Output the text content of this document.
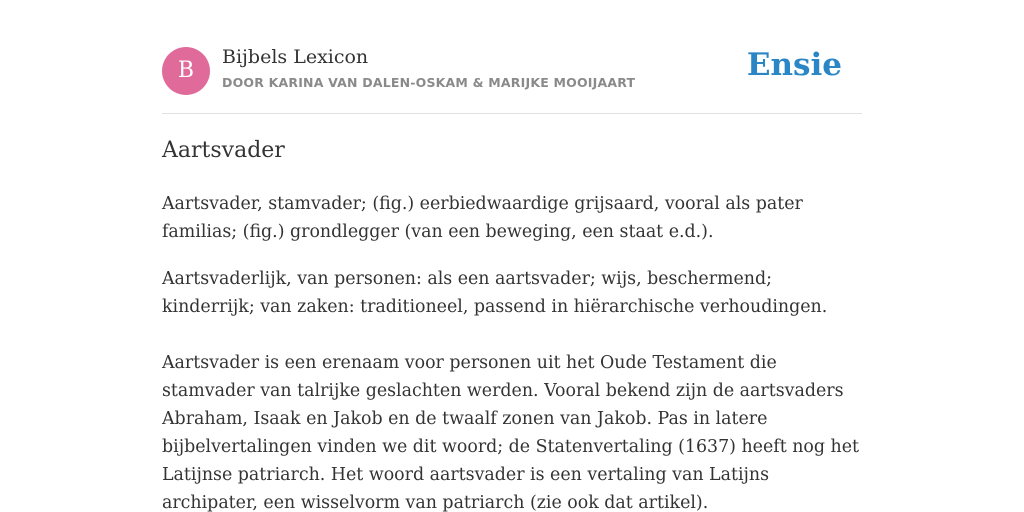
B
Bijbels Lexicon
DOOR KARINA VAN DALEN-OSKAM & MARIJKE MOOIJAART	Ensie
Aartsvader

Aartsvader, stamvader; (fig.) eerbiedwaardige grijsaard, vooral als pater familias; (fig.) grondlegger (van een beweging, een staat e.d.).

Aartsvaderlijk, van personen: als een aartsvader; wijs, beschermend; kinderrijk; van zaken: traditioneel, passend in hiërarchische verhoudingen.

Aartsvader is een erenaam voor personen uit het Oude Testament die stamvader van talrijke geslachten werden. Vooral bekend zijn de aartsvaders Abraham, Isaak en Jakob en de twaalf zonen van Jakob. Pas in latere bijbelvertalingen vinden we dit woord; de Statenvertaling (1637) heeft nog het Latijnse patriarch. Het woord aartsvader is een vertaling van Latijns archipater, een wisselvorm van patriarch (zie ook dat artikel).
